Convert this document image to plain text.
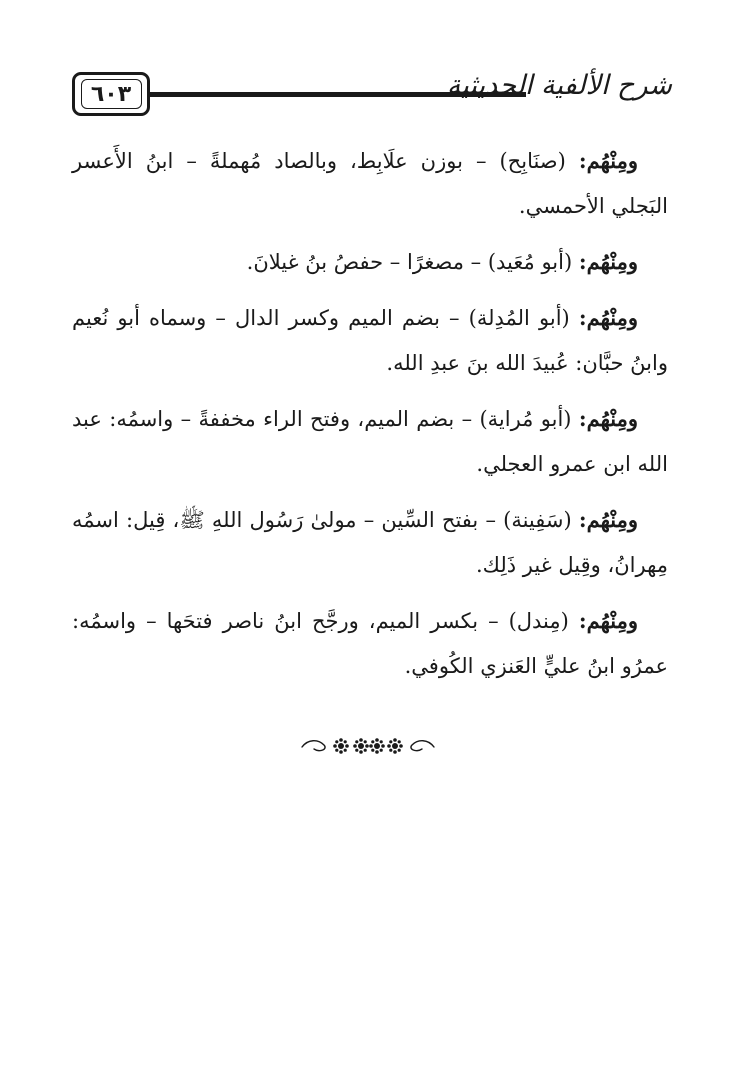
٦٠٣	شرح الألفية الحديثية

ومِنْهُم: (صنَابِح) – بوزن علَابِط، وبالصاد مُهملةً – ابنُ الأَعسر البَجلي الأحمسي.

ومِنْهُم: (أبو مُعَيد) – مصغرًا – حفصُ بنُ غيلانَ.

ومِنْهُم: (أبو المُدِلة) – بضم الميم وكسر الدال – وسماه أبو نُعيم وابنُ حبَّان: عُبيدَ الله بنَ عبدِ الله.

ومِنْهُم: (أبو مُراية) – بضم الميم، وفتح الراء مخففةً – واسمُه: عبد الله ابن عمرو العجلي.

ومِنْهُم: (سَفِينة) – بفتح السِّين – مولىٰ رَسُول اللهِ ﷺ، قِيل: اسمُه مِهرانُ، وقِيل غير ذَلِك.

ومِنْهُم: (مِندل) – بكسر الميم، ورجَّح ابنُ ناصر فتحَها – واسمُه: عمرُو ابنُ عليٍّ العَنزي الكُوفي.
